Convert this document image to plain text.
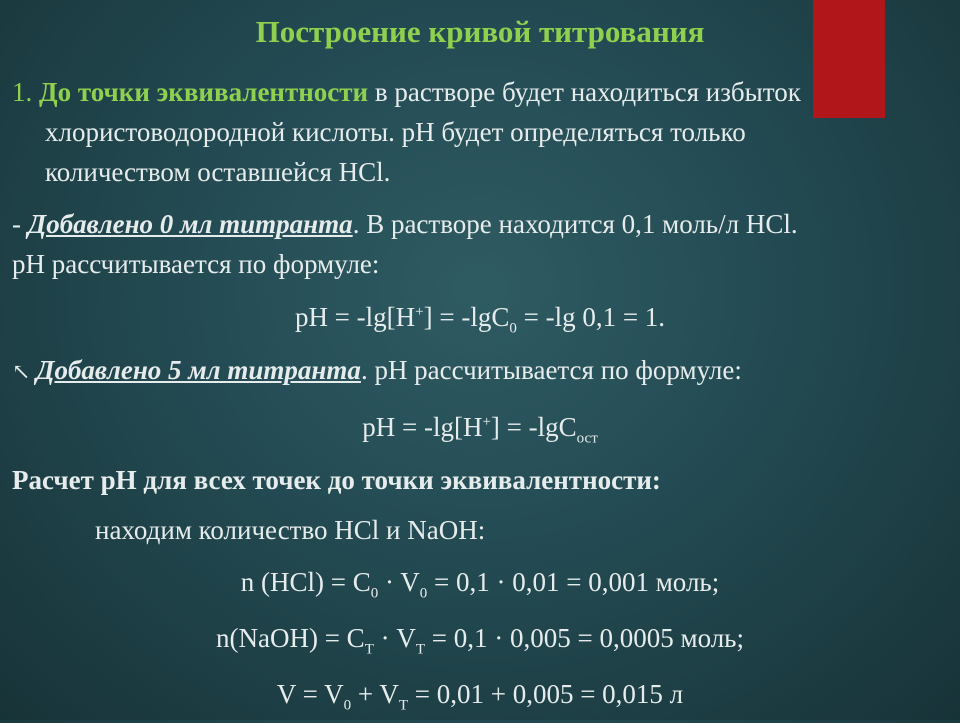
Построение кривой титрования
1. До точки эквивалентности в растворе будет находиться избыток
хлористоводородной кислоты. рН будет определяться только
количеством оставшейся HCl.
- Добавлено 0 мл титранта. В растворе находится 0,1 моль/л HCl.
рН рассчитывается по формуле:
pH = -lg[H+] = -lgC$_0$ = -lg 0,1 = 1.
↖ Добавлено 5 мл титранта. рН рассчитывается по формуле:
pH = -lg[H+] = -lgC$_{ост}$
Расчет рН для всех точек до точки эквивалентности:
находим количество HCl и NaOH:
n $(HCl) = C_0 \cdot V_0 = 0,1 \cdot 0,01 = 0,001$ моль;
n(NaOH) = $C_Т \cdot V_Т = 0,1 \cdot 0,005 = 0,0005$ моль;
$V = V_0 + V_Т = 0,01 + 0,005 = 0,015$ л
